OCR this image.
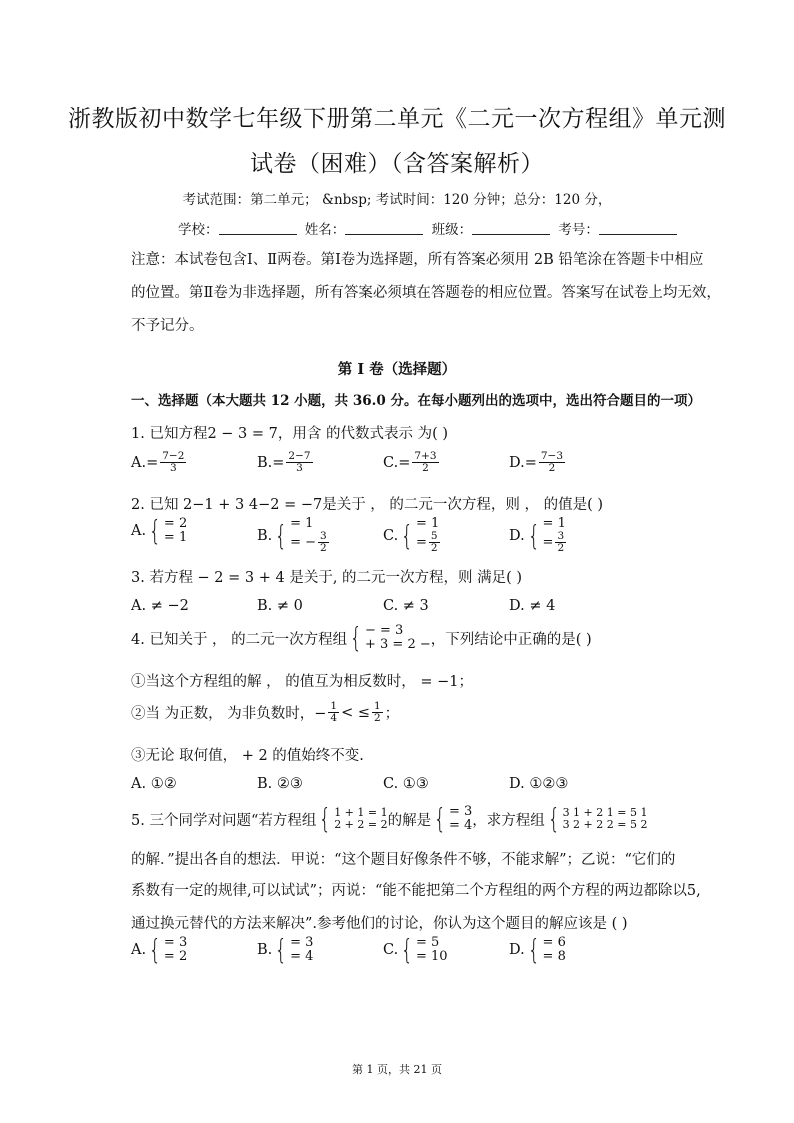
浙教版初中数学七年级下册第二单元《二元一次方程组》单元测
试卷（困难）（含答案解析）
考试范围：第二单元； &nbsp; 考试时间：120 分钟；总分：120 分，
学校：	姓名：	班级：	考号：
注意：本试卷包含Ⅰ、Ⅱ两卷。第Ⅰ卷为选择题，所有答案必须用 2B 铅笔涂在答题卡中相应
的位置。第Ⅱ卷为非选择题，所有答案必须填在答题卷的相应位置。答案写在试卷上均无效，
不予记分。
第 I 卷（选择题）
一、选择题（本大题共 12 小题，共 36.0 分。在每小题列出的选项中，选出符合题目的一项）
1. 已知方程2 − 3 = 7，用含 的代数式表示 为( )
A. = $\frac{7-2}{3}$	B. = $\frac{2-7}{3}$	C. = $\frac{7+3}{2}$	D. = $\frac{7-3}{2}$
2. 已知 2−1 + 3 4−2 = −7是关于 ， 的二元一次方程，则 ， 的值是( )
A. { = 2
= 1	B. { = 1
= − $\frac{3}{2}$	C. { = 1
= $\frac{5}{2}$	D. { = 1
= $\frac{3}{2}$
3. 若方程 − 2 = 3 + 4 是关于, 的二元一次方程，则 满足( )
A. ≠ −2	B. ≠ 0	C. ≠ 3	D. ≠ 4
4. 已知关于 ， 的二元一次方程组 { − = 3
+ 3 = 2 − ，下列结论中正确的是( )
①当这个方程组的解 ， 的值互为相反数时， = −1；
②当 为正数， 为非负数时，− $\frac{1}{4}$ < ≤ $\frac{1}{2}$ ；
③无论 取何值， + 2 的值始终不变.
A. ①②	B. ②③	C. ①③	D. ①②③
5. 三个同学对问题“若方程组 { 1 + 1 = 1
2 + 2 = 2 的解是 { = 3
= 4 ，求方程组 { 3 1 + 2 1 = 5 1
3 2 + 2 2 = 5 2
的解．”提出各自的想法．甲说：“这个题目好像条件不够，不能求解”；乙说：“它们的
系数有一定的规律,可以试试”；丙说：“能不能把第二个方程组的两个方程的两边都除以5,
通过换元替代的方法来解决”.参考他们的讨论，你认为这个题目的解应该是 ( )
A. { = 3
= 2	B. { = 3
= 4	C. { = 5
= 10	D. { = 6
= 8
第 1 页，共 21 页
